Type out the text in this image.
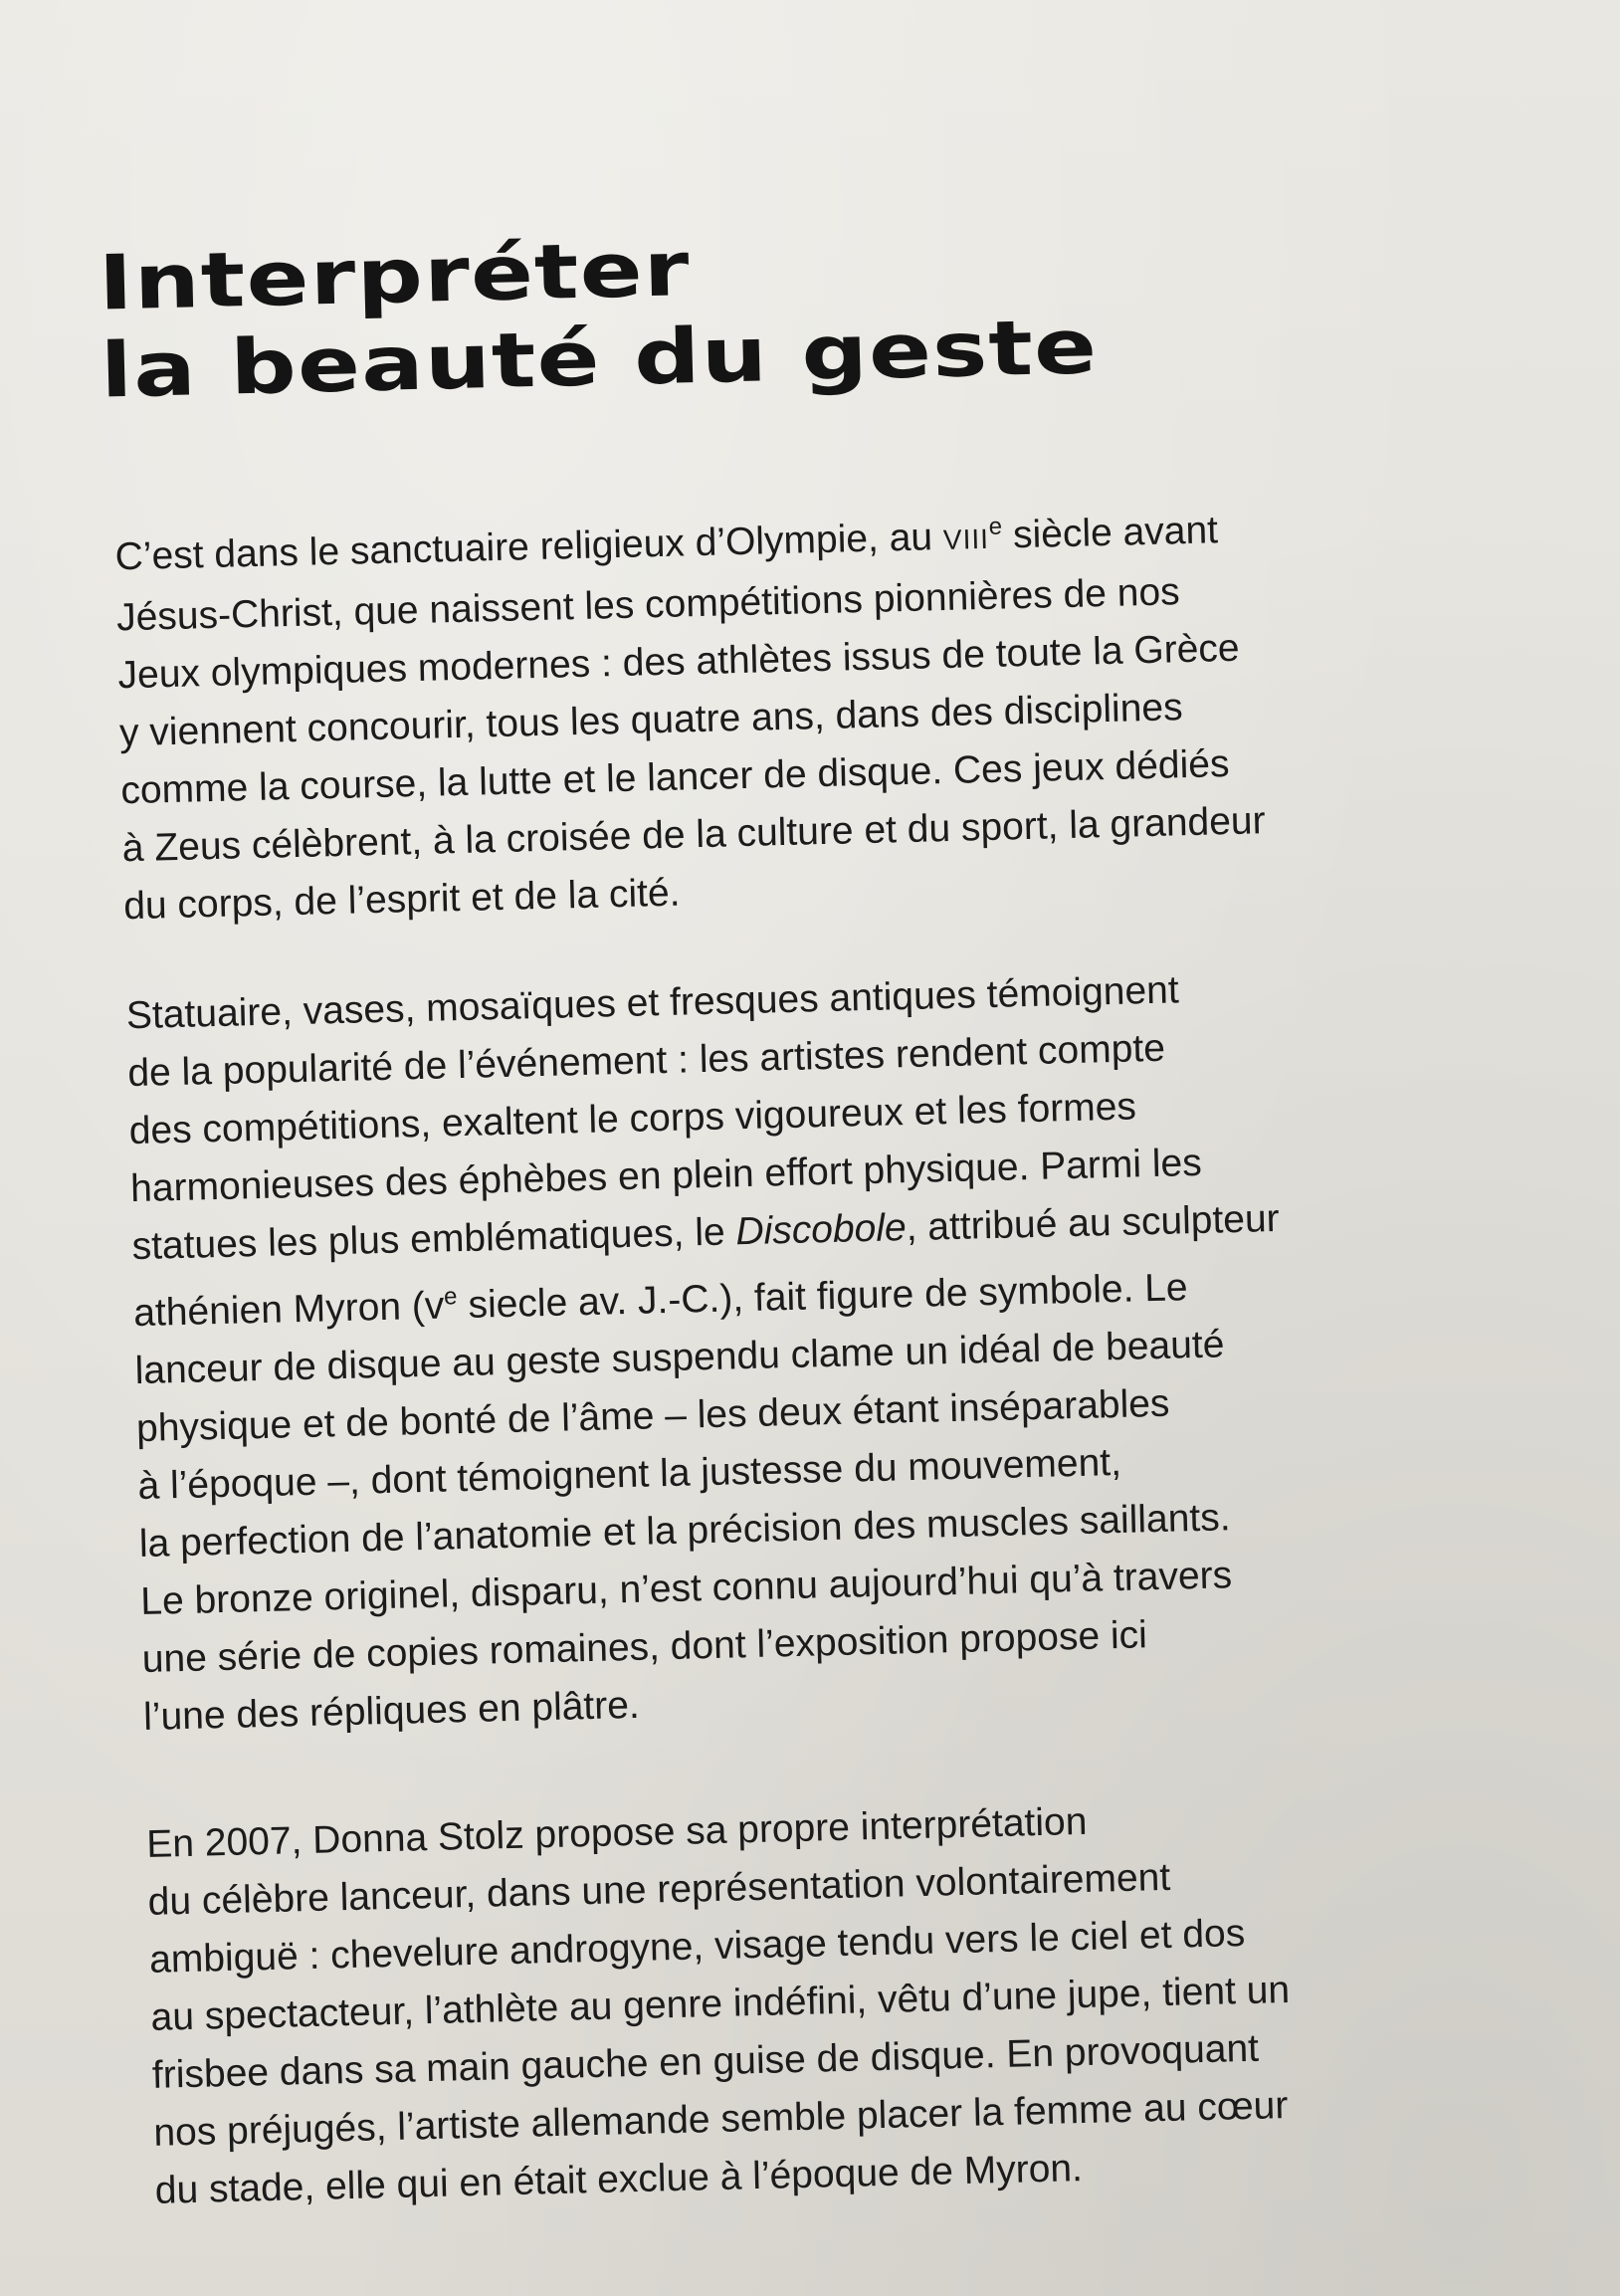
Interpréter
la beauté du geste

C’est dans le sanctuaire religieux d’Olympie, au VIIIe siècle avant
Jésus-Christ, que naissent les compétitions pionnières de nos
Jeux olympiques modernes : des athlètes issus de toute la Grèce
y viennent concourir, tous les quatre ans, dans des disciplines
comme la course, la lutte et le lancer de disque. Ces jeux dédiés
à Zeus célèbrent, à la croisée de la culture et du sport, la grandeur
du corps, de l’esprit et de la cité.

Statuaire, vases, mosaïques et fresques antiques témoignent
de la popularité de l’événement : les artistes rendent compte
des compétitions, exaltent le corps vigoureux et les formes
harmonieuses des éphèbes en plein effort physique. Parmi les
statues les plus emblématiques, le Discobole, attribué au sculpteur
athénien Myron ($v^e$ siecle av. J.-C.), fait figure de symbole. Le
lanceur de disque au geste suspendu clame un idéal de beauté
physique et de bonté de l’âme – les deux étant inséparables
à l’époque –, dont témoignent la justesse du mouvement,
la perfection de l’anatomie et la précision des muscles saillants.
Le bronze originel, disparu, n’est connu aujourd’hui qu’à travers
une série de copies romaines, dont l’exposition propose ici
l’une des répliques en plâtre.

En 2007, Donna Stolz propose sa propre interprétation
du célèbre lanceur, dans une représentation volontairement
ambiguë : chevelure androgyne, visage tendu vers le ciel et dos
au spectacteur, l’athlète au genre indéfini, vêtu d’une jupe, tient un
frisbee dans sa main gauche en guise de disque. En provoquant
nos préjugés, l’artiste allemande semble placer la femme au cœur
du stade, elle qui en était exclue à l’époque de Myron.
